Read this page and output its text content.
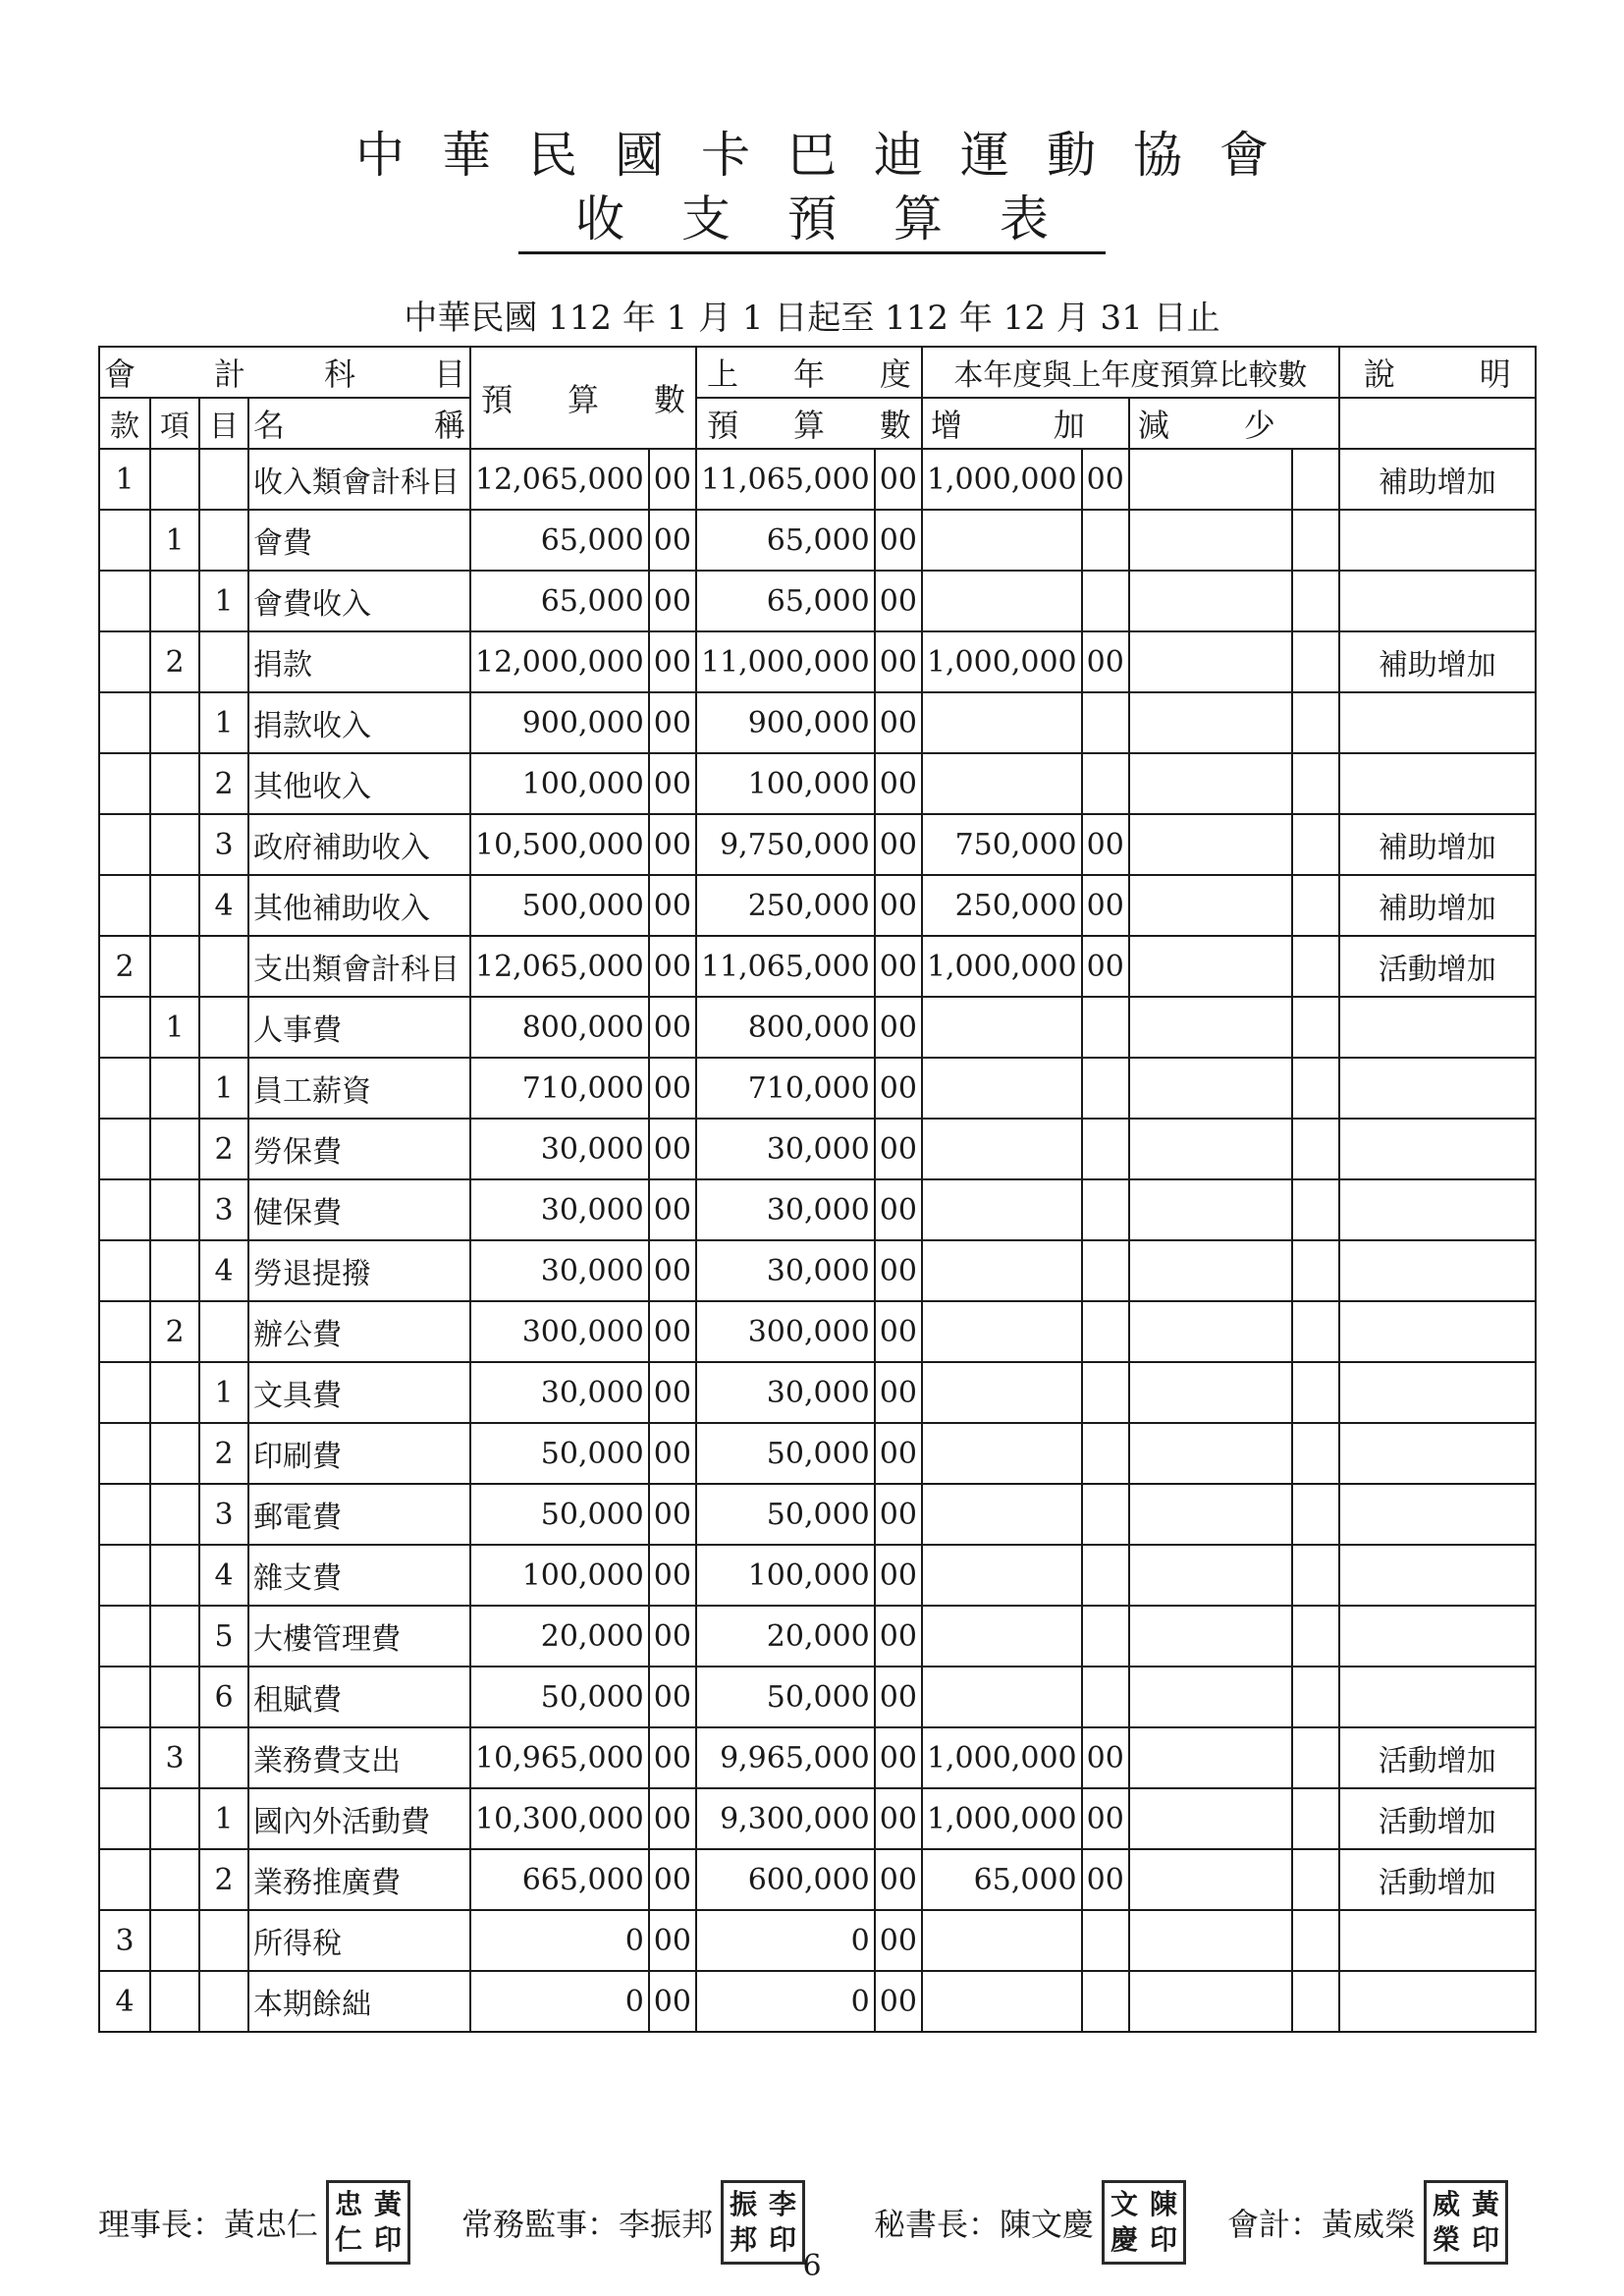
中華民國卡巴迪運動協會
收支預算表
中華民國 112 年 1 月 1 日起至 112 年 12 月 31 日止
會 計 科 目				預 算 數		上 年 度		本年度與上年度預算比較數				說 明

款	項	目	名 稱			預 算 數		增 加		減 少		

1			收入類會計科目	12,065,000	00	11,065,000	00	1,000,000	00			補助增加
	1		會費	65,000	00	65,000	00					
		1	會費收入	65,000	00	65,000	00					
	2		捐款	12,000,000	00	11,000,000	00	1,000,000	00			補助增加
		1	捐款收入	900,000	00	900,000	00					
		2	其他收入	100,000	00	100,000	00					
		3	政府補助收入	10,500,000	00	9,750,000	00	750,000	00			補助增加
		4	其他補助收入	500,000	00	250,000	00	250,000	00			補助增加
2			支出類會計科目	12,065,000	00	11,065,000	00	1,000,000	00			活動增加
	1		人事費	800,000	00	800,000	00					
		1	員工薪資	710,000	00	710,000	00					
		2	勞保費	30,000	00	30,000	00					
		3	健保費	30,000	00	30,000	00					
		4	勞退提撥	30,000	00	30,000	00					
	2		辦公費	300,000	00	300,000	00					
		1	文具費	30,000	00	30,000	00					
		2	印刷費	50,000	00	50,000	00					
		3	郵電費	50,000	00	50,000	00					
		4	雜支費	100,000	00	100,000	00					
		5	大樓管理費	20,000	00	20,000	00					
		6	租賦費	50,000	00	50,000	00					
	3		業務費支出	10,965,000	00	9,965,000	00	1,000,000	00			活動增加
		1	國內外活動費	10,300,000	00	9,300,000	00	1,000,000	00			活動增加
		2	業務推廣費	665,000	00	600,000	00	65,000	00			活動增加
3			所得稅	0	00	0	00					
4			本期餘絀	0	00	0	00					
理事長：黃忠仁
忠 黃
仁 印 常務監事：李振邦
振 李
邦 印 秘書長：陳文慶
文 陳
慶 印 會計：黃威榮
威 黃
榮 印
6
